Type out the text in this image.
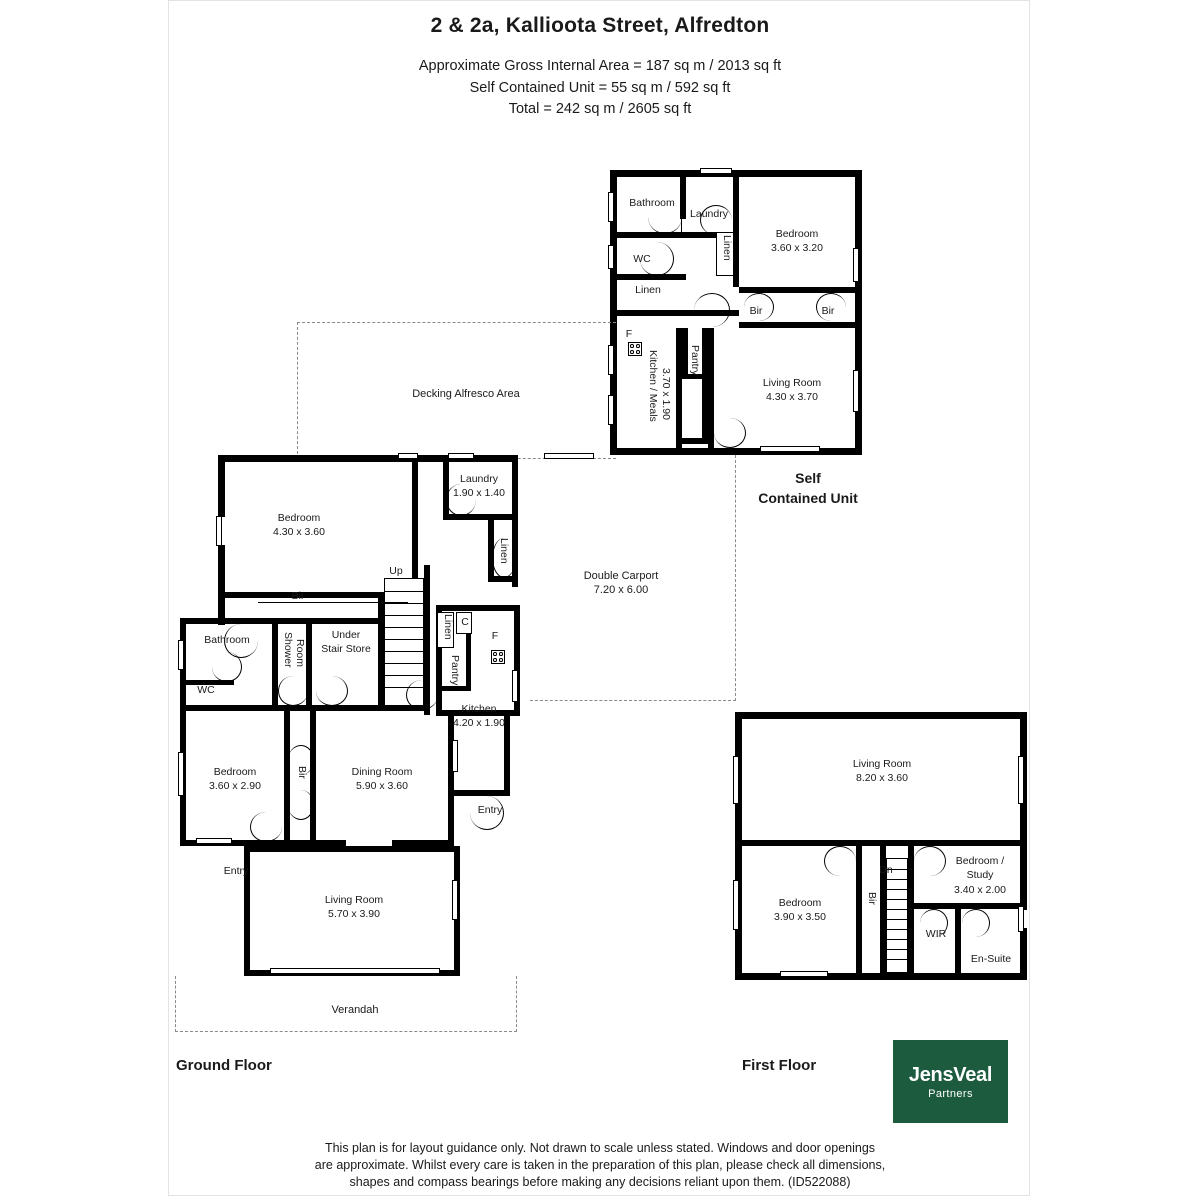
2 & 2a, Kallioota Street, Alfredton
Approximate Gross Internal Area = 187 sq m / 2013 sq ft
Self Contained Unit = 55 sq m / 592 sq ft
Total = 242 sq m / 2605 sq ft
Bathroom
Laundry
WC
Linen
Linen
F
Bedroom
3.60 x 3.20
Bir	Bir
Living Room
4.30 x 3.70
Kitchen / Meals 3.70 x 1.90
Pantry
Self
Contained Unit
Decking Alfresco Area
Double Carport
7.20 x 6.00
Up
Verandah
Bedroom
4.30 x 3.60
Bir
Laundry
1.90 x 1.40
Linen
Bathroom	Shower Room
Under
Stair Store
WC
Linen C
F
Pantry
Kitchen
4.20 x 1.90
Bedroom
3.60 x 2.90
Bir	Dining Room
5.90 x 3.60
Entry
Entry
Living Room
5.70 x 3.90
Ground Floor
Living Room
8.20 x 3.60
Dn
Bedroom /
Study
3.40 x 2.00
Bedroom
3.90 x 3.50
Bir
WIR
En-Suite
First Floor	JensVeal
Partners
This plan is for layout guidance only. Not drawn to scale unless stated. Windows and door openings
are approximate. Whilst every care is taken in the preparation of this plan, please check all dimensions,
shapes and compass bearings before making any decisions reliant upon them. (ID522088)
